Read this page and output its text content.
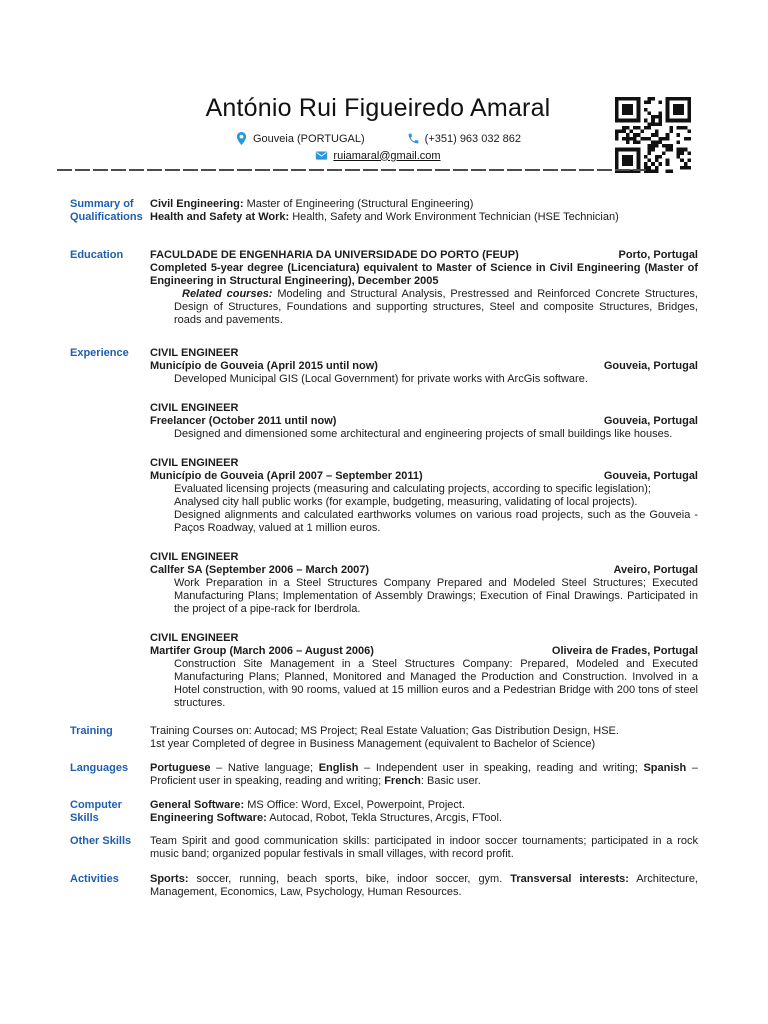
António Rui Figueiredo Amaral
Gouveia (PORTUGAL)	(+351) 963 032 862
ruiamaral@gmail.com
Summary of Qualifications
Civil Engineering: Master of Engineering (Structural Engineering)
Health and Safety at Work: Health, Safety and Work Environment Technician (HSE Technician)
Education	FACULDADE DE ENGENHARIA DA UNIVERSIDADE DO PORTO (FEUP)	Porto, Portugal
Completed 5-year degree (Licenciatura) equivalent to Master of Science in Civil Engineering (Master of Engineering in Structural Engineering), December 2005
Related courses: Modeling and Structural Analysis, Prestressed and Reinforced Concrete Structures, Design of Structures, Foundations and supporting structures, Steel and composite Structures, Bridges, roads and pavements.
Experience	CIVIL ENGINEER
Município de Gouveia (April 2015 until now)	Gouveia, Portugal
Developed Municipal GIS (Local Government) for private works with ArcGis software.
CIVIL ENGINEER
Freelancer (October 2011 until now)	Gouveia, Portugal
Designed and dimensioned some architectural and engineering projects of small buildings like houses.
CIVIL ENGINEER
Município de Gouveia (April 2007 – September 2011)	Gouveia, Portugal
Evaluated licensing projects (measuring and calculating projects, according to specific legislation);
Analysed city hall public works (for example, budgeting, measuring, validating of local projects).
Designed alignments and calculated earthworks volumes on various road projects, such as the Gouveia - Paços Roadway, valued at 1 million euros.
CIVIL ENGINEER
Callfer SA (September 2006 – March 2007)	Aveiro, Portugal
Work Preparation in a Steel Structures Company Prepared and Modeled Steel Structures; Executed Manufacturing Plans; Implementation of Assembly Drawings; Execution of Final Drawings. Participated in the project of a pipe-rack for Iberdrola.
CIVIL ENGINEER
Martifer Group (March 2006 – August 2006)	Oliveira de Frades, Portugal
Construction Site Management in a Steel Structures Company: Prepared, Modeled and Executed Manufacturing Plans; Planned, Monitored and Managed the Production and Construction. Involved in a Hotel construction, with 90 rooms, valued at 15 million euros and a Pedestrian Bridge with 200 tons of steel structures.
Training	Training Courses on: Autocad; MS Project; Real Estate Valuation; Gas Distribution Design, HSE.
1st year Completed of degree in Business Management (equivalent to Bachelor of Science)
Languages	Portuguese – Native language; English – Independent user in speaking, reading and writing; Spanish – Proficient user in speaking, reading and writing; French: Basic user.
Computer Skills
General Software: MS Office: Word, Excel, Powerpoint, Project.
Engineering Software: Autocad, Robot, Tekla Structures, Arcgis, FTool.
Other Skills	Team Spirit and good communication skills: participated in indoor soccer tournaments; participated in a rock music band; organized popular festivals in small villages, with record profit.
Activities	Sports: soccer, running, beach sports, bike, indoor soccer, gym. Transversal interests: Architecture, Management, Economics, Law, Psychology, Human Resources.
